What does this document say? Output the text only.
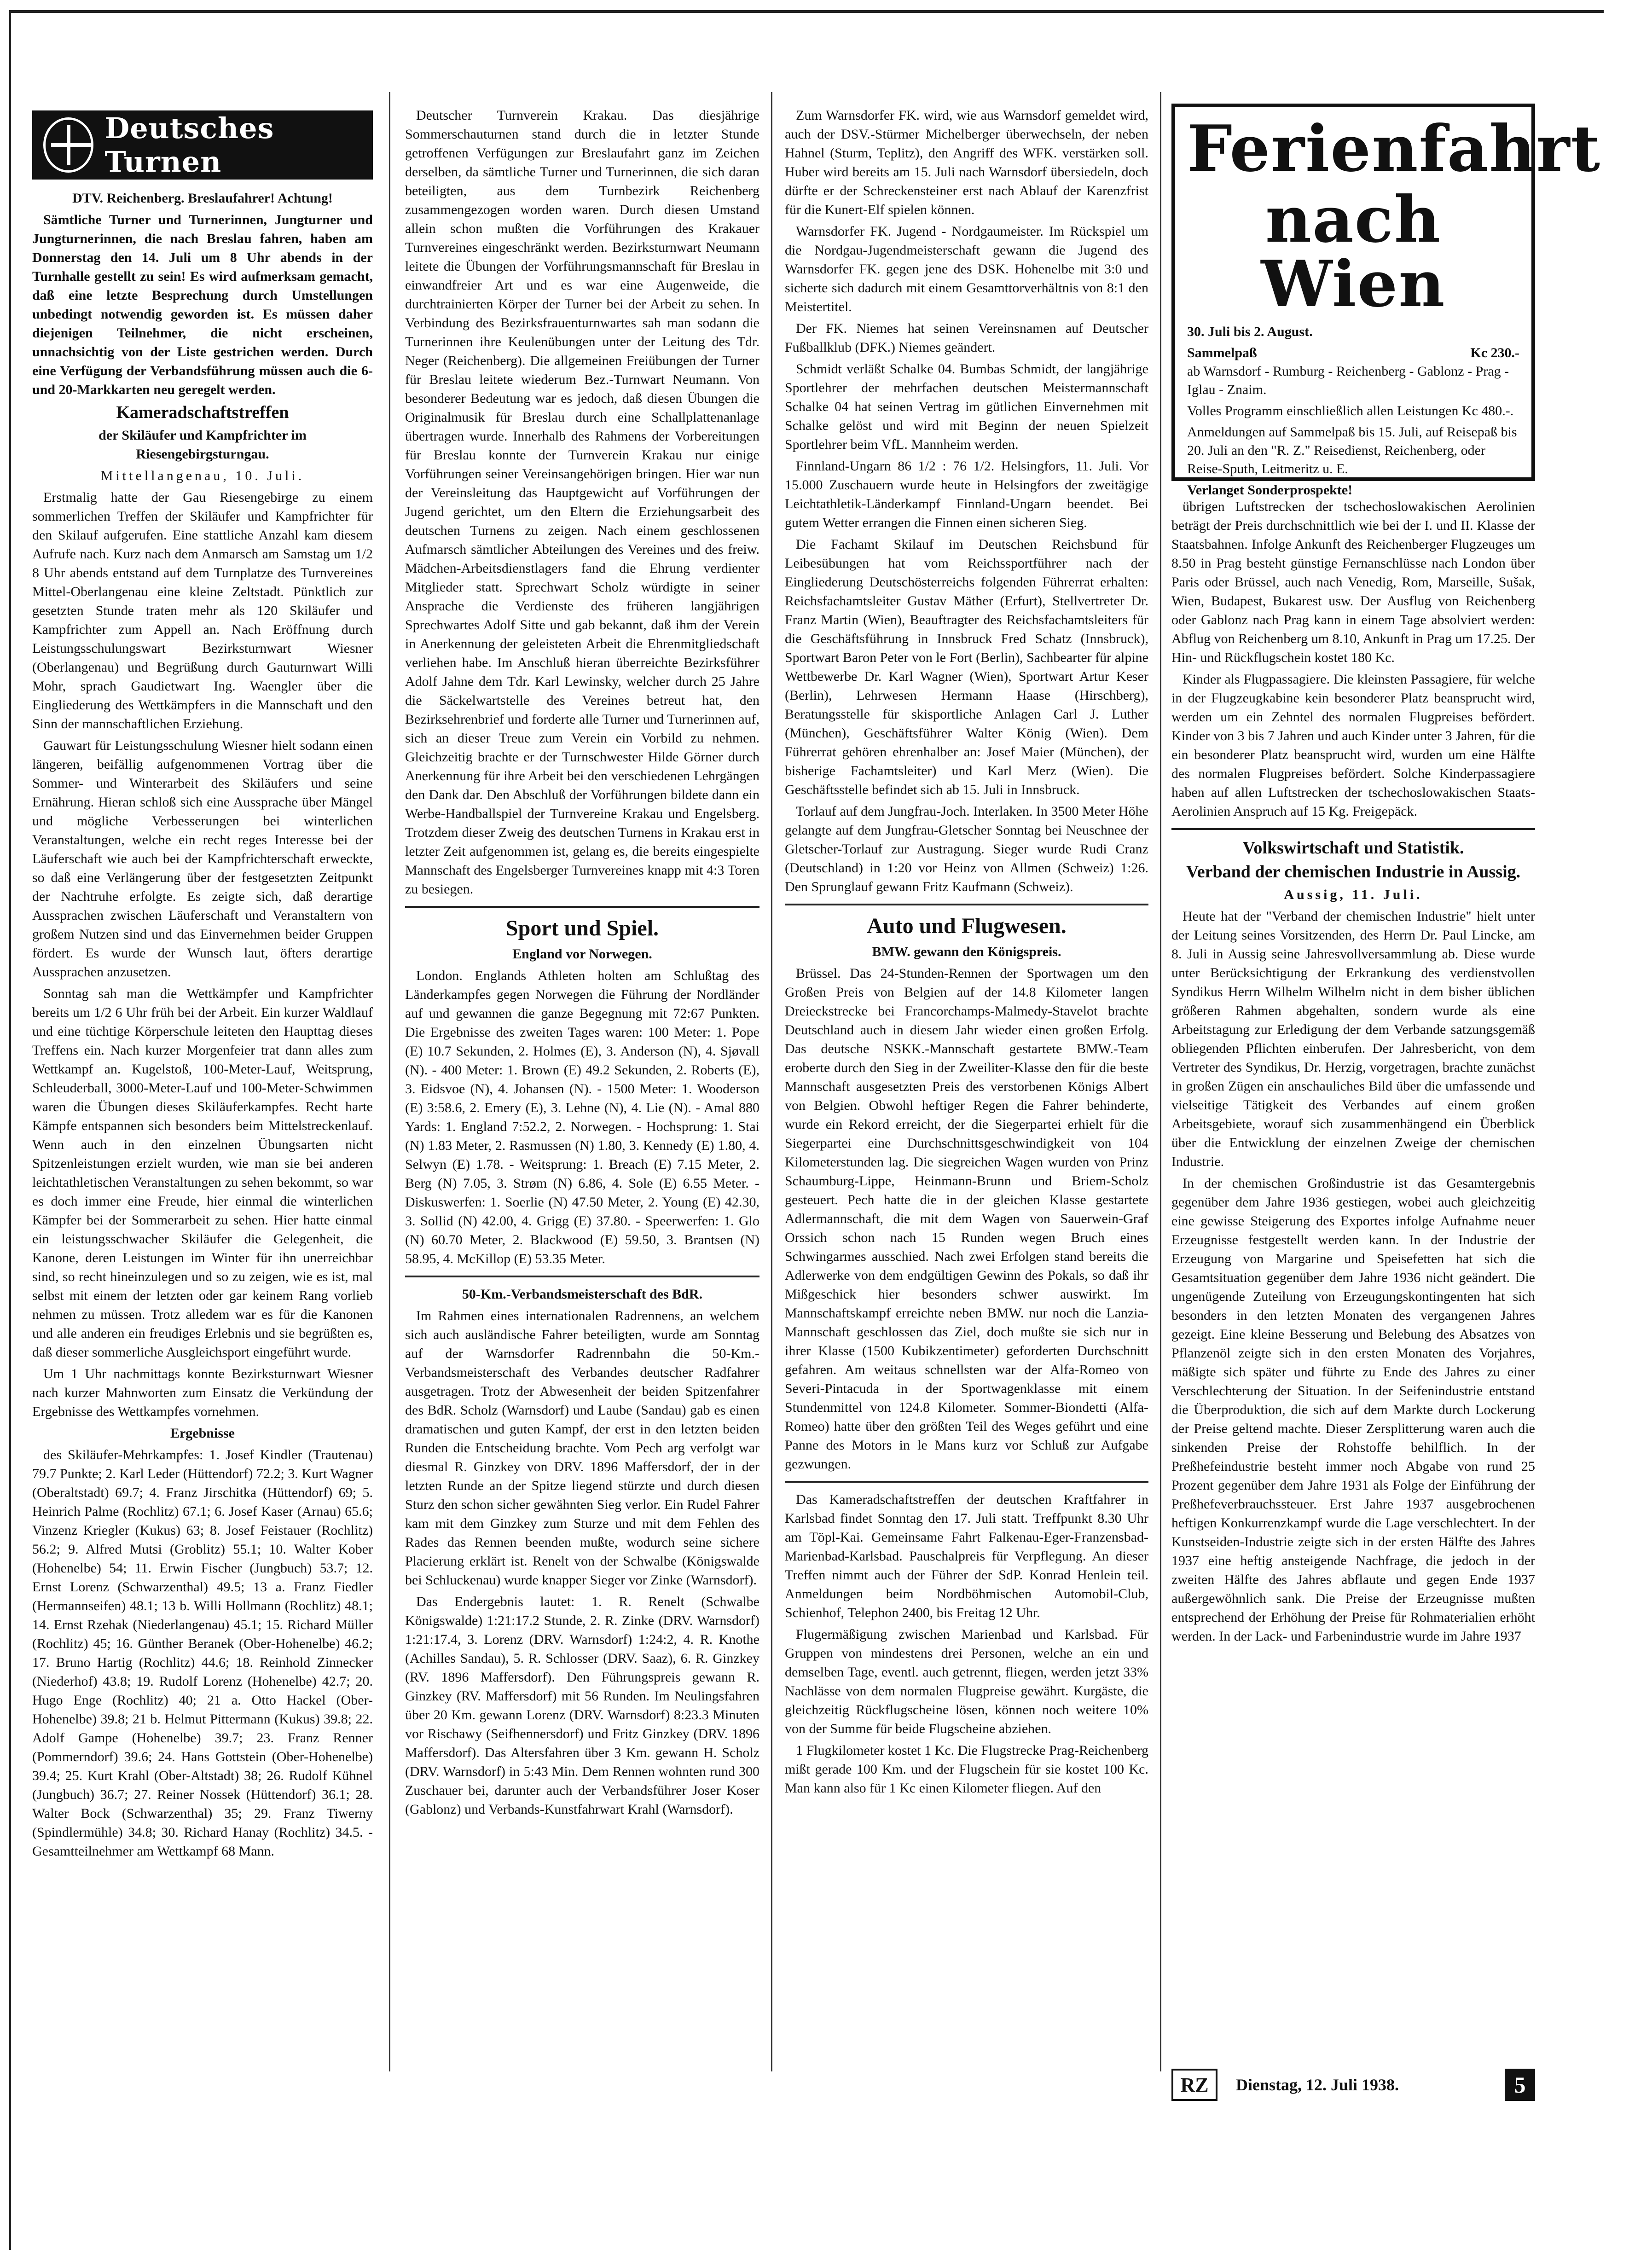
Deutsches Turnen

DTV. Reichenberg. Breslaufahrer! Achtung!

Sämtliche Turner und Turnerinnen, Jungturner und Jungturnerinnen, die nach Breslau fahren, haben am Donnerstag den 14. Juli um 8 Uhr abends in der Turnhalle gestellt zu sein! Es wird aufmerksam gemacht, daß eine letzte Besprechung durch Umstellungen unbedingt notwendig geworden ist. Es müssen daher diejenigen Teilnehmer, die nicht erscheinen, unnachsichtig von der Liste gestrichen werden. Durch eine Verfügung der Verbandsführung müssen auch die 6- und 20-Markkarten neu geregelt werden.

Kameradschaftstreffen

der Skiläufer und Kampfrichter im Riesengebirgsturngau.

Mittellangenau, 10. Juli.

Erstmalig hatte der Gau Riesengebirge zu einem sommerlichen Treffen der Skiläufer und Kampfrichter für den Skilauf aufgerufen. Eine stattliche Anzahl kam diesem Aufrufe nach. Kurz nach dem Anmarsch am Samstag um 1/2 8 Uhr abends entstand auf dem Turnplatze des Turnvereines Mittel-Oberlangenau eine kleine Zeltstadt. Pünktlich zur gesetzten Stunde traten mehr als 120 Skiläufer und Kampfrichter zum Appell an. Nach Eröffnung durch Leistungsschulungswart Bezirksturnwart Wiesner (Oberlangenau) und Begrüßung durch Gauturnwart Willi Mohr, sprach Gaudietwart Ing. Waengler über die Eingliederung des Wettkämpfers in die Mannschaft und den Sinn der mannschaftlichen Erziehung.

Gauwart für Leistungsschulung Wiesner hielt sodann einen längeren, beifällig aufgenommenen Vortrag über die Sommer- und Winterarbeit des Skiläufers und seine Ernährung. Hieran schloß sich eine Aussprache über Mängel und mögliche Verbesserungen bei winterlichen Veranstaltungen, welche ein recht reges Interesse bei der Läuferschaft wie auch bei der Kampfrichterschaft erweckte, so daß eine Verlängerung über der festgesetzten Zeitpunkt der Nachtruhe erfolgte. Es zeigte sich, daß derartige Aussprachen zwischen Läuferschaft und Veranstaltern von großem Nutzen sind und das Einvernehmen beider Gruppen fördert. Es wurde der Wunsch laut, öfters derartige Aussprachen anzusetzen.

Sonntag sah man die Wettkämpfer und Kampfrichter bereits um 1/2 6 Uhr früh bei der Arbeit. Ein kurzer Waldlauf und eine tüchtige Körperschule leiteten den Haupttag dieses Treffens ein. Nach kurzer Morgenfeier trat dann alles zum Wettkampf an. Kugelstoß, 100-Meter-Lauf, Weitsprung, Schleuderball, 3000-Meter-Lauf und 100-Meter-Schwimmen waren die Übungen dieses Skiläuferkampfes. Recht harte Kämpfe entspannen sich besonders beim Mittelstreckenlauf. Wenn auch in den einzelnen Übungsarten nicht Spitzenleistungen erzielt wurden, wie man sie bei anderen leichtathletischen Veranstaltungen zu sehen bekommt, so war es doch immer eine Freude, hier einmal die winterlichen Kämpfer bei der Sommerarbeit zu sehen. Hier hatte einmal ein leistungsschwacher Skiläufer die Gelegenheit, die Kanone, deren Leistungen im Winter für ihn unerreichbar sind, so recht hineinzulegen und so zu zeigen, wie es ist, mal selbst mit einem der letzten oder gar keinem Rang vorlieb nehmen zu müssen. Trotz alledem war es für die Kanonen und alle anderen ein freudiges Erlebnis und sie begrüßten es, daß dieser sommerliche Ausgleichsport eingeführt wurde.

Um 1 Uhr nachmittags konnte Bezirksturnwart Wiesner nach kurzer Mahnworten zum Einsatz die Verkündung der Ergebnisse des Wettkampfes vornehmen.

Ergebnisse

des Skiläufer-Mehrkampfes: 1. Josef Kindler (Trautenau) 79.7 Punkte; 2. Karl Leder (Hüttendorf) 72.2; 3. Kurt Wagner (Oberaltstadt) 69.7; 4. Franz Jirschitka (Hüttendorf) 69; 5. Heinrich Palme (Rochlitz) 67.1; 6. Josef Kaser (Arnau) 65.6; Vinzenz Kriegler (Kukus) 63; 8. Josef Feistauer (Rochlitz) 56.2; 9. Alfred Mutsi (Groblitz) 55.1; 10. Walter Kober (Hohenelbe) 54; 11. Erwin Fischer (Jungbuch) 53.7; 12. Ernst Lorenz (Schwarzenthal) 49.5; 13 a. Franz Fiedler (Hermannseifen) 48.1; 13 b. Willi Hollmann (Rochlitz) 48.1; 14. Ernst Rzehak (Niederlangenau) 45.1; 15. Richard Müller (Rochlitz) 45; 16. Günther Beranek (Ober-Hohenelbe) 46.2; 17. Bruno Hartig (Rochlitz) 44.6; 18. Reinhold Zinnecker (Niederhof) 43.8; 19. Rudolf Lorenz (Hohenelbe) 42.7; 20. Hugo Enge (Rochlitz) 40; 21 a. Otto Hackel (Ober-Hohenelbe) 39.8; 21 b. Helmut Pittermann (Kukus) 39.8; 22. Adolf Gampe (Hohenelbe) 39.7; 23. Franz Renner (Pommerndorf) 39.6; 24. Hans Gottstein (Ober-Hohenelbe) 39.4; 25. Kurt Krahl (Ober-Altstadt) 38; 26. Rudolf Kühnel (Jungbuch) 36.7; 27. Reiner Nossek (Hüttendorf) 36.1; 28. Walter Bock (Schwarzenthal) 35; 29. Franz Tiwerny (Spindlermühle) 34.8; 30. Richard Hanay (Rochlitz) 34.5. - Gesamtteilnehmer am Wettkampf 68 Mann.

Deutscher Turnverein Krakau. Das diesjährige Sommerschauturnen stand durch die in letzter Stunde getroffenen Verfügungen zur Breslaufahrt ganz im Zeichen derselben, da sämtliche Turner und Turnerinnen, die sich daran beteiligten, aus dem Turnbezirk Reichenberg zusammengezogen worden waren. Durch diesen Umstand allein schon mußten die Vorführungen des Krakauer Turnvereines eingeschränkt werden. Bezirksturnwart Neumann leitete die Übungen der Vorführungsmannschaft für Breslau in einwandfreier Art und es war eine Augenweide, die durchtrainierten Körper der Turner bei der Arbeit zu sehen. In Verbindung des Bezirksfrauenturnwartes sah man sodann die Turnerinnen ihre Keulenübungen unter der Leitung des Tdr. Neger (Reichenberg). Die allgemeinen Freiübungen der Turner für Breslau leitete wiederum Bez.-Turnwart Neumann. Von besonderer Bedeutung war es jedoch, daß diesen Übungen die Originalmusik für Breslau durch eine Schallplattenanlage übertragen wurde. Innerhalb des Rahmens der Vorbereitungen für Breslau konnte der Turnverein Krakau nur einige Vorführungen seiner Vereinsangehörigen bringen. Hier war nun der Vereinsleitung das Hauptgewicht auf Vorführungen der Jugend gerichtet, um den Eltern die Erziehungsarbeit des deutschen Turnens zu zeigen. Nach einem geschlossenen Aufmarsch sämtlicher Abteilungen des Vereines und des freiw. Mädchen-Arbeitsdienstlagers fand die Ehrung verdienter Mitglieder statt. Sprechwart Scholz würdigte in seiner Ansprache die Verdienste des früheren langjährigen Sprechwartes Adolf Sitte und gab bekannt, daß ihm der Verein in Anerkennung der geleisteten Arbeit die Ehrenmitgliedschaft verliehen habe. Im Anschluß hieran überreichte Bezirksführer Adolf Jahne dem Tdr. Karl Lewinsky, welcher durch 25 Jahre die Säckelwartstelle des Vereines betreut hat, den Bezirksehrenbrief und forderte alle Turner und Turnerinnen auf, sich an dieser Treue zum Verein ein Vorbild zu nehmen. Gleichzeitig brachte er der Turnschwester Hilde Görner durch Anerkennung für ihre Arbeit bei den verschiedenen Lehrgängen den Dank dar. Den Abschluß der Vorführungen bildete dann ein Werbe-Handballspiel der Turnvereine Krakau und Engelsberg. Trotzdem dieser Zweig des deutschen Turnens in Krakau erst in letzter Zeit aufgenommen ist, gelang es, die bereits eingespielte Mannschaft des Engelsberger Turnvereines knapp mit 4:3 Toren zu besiegen.

Sport und Spiel.

England vor Norwegen.

London. Englands Athleten holten am Schlußtag des Länderkampfes gegen Norwegen die Führung der Nordländer auf und gewannen die ganze Begegnung mit 72:67 Punkten. Die Ergebnisse des zweiten Tages waren: 100 Meter: 1. Pope (E) 10.7 Sekunden, 2. Holmes (E), 3. Anderson (N), 4. Sjøvall (N). - 400 Meter: 1. Brown (E) 49.2 Sekunden, 2. Roberts (E), 3. Eidsvoe (N), 4. Johansen (N). - 1500 Meter: 1. Wooderson (E) 3:58.6, 2. Emery (E), 3. Lehne (N), 4. Lie (N). - Amal 880 Yards: 1. England 7:52.2, 2. Norwegen. - Hochsprung: 1. Stai (N) 1.83 Meter, 2. Rasmussen (N) 1.80, 3. Kennedy (E) 1.80, 4. Selwyn (E) 1.78. - Weitsprung: 1. Breach (E) 7.15 Meter, 2. Berg (N) 7.05, 3. Strøm (N) 6.86, 4. Sole (E) 6.55 Meter. - Diskuswerfen: 1. Soerlie (N) 47.50 Meter, 2. Young (E) 42.30, 3. Sollid (N) 42.00, 4. Grigg (E) 37.80. - Speerwerfen: 1. Glo (N) 60.70 Meter, 2. Blackwood (E) 59.50, 3. Brantsen (N) 58.95, 4. McKillop (E) 53.35 Meter.

50-Km.-Verbandsmeisterschaft des BdR.

Im Rahmen eines internationalen Radrennens, an welchem sich auch ausländische Fahrer beteiligten, wurde am Sonntag auf der Warnsdorfer Radrennbahn die 50-Km.-Verbandsmeisterschaft des Verbandes deutscher Radfahrer ausgetragen. Trotz der Abwesenheit der beiden Spitzenfahrer des BdR. Scholz (Warnsdorf) und Laube (Sandau) gab es einen dramatischen und guten Kampf, der erst in den letzten beiden Runden die Entscheidung brachte. Vom Pech arg verfolgt war diesmal R. Ginzkey von DRV. 1896 Maffersdorf, der in der letzten Runde an der Spitze liegend stürzte und durch diesen Sturz den schon sicher gewähnten Sieg verlor. Ein Rudel Fahrer kam mit dem Ginzkey zum Sturze und mit dem Fehlen des Rades das Rennen beenden mußte, wodurch seine sichere Placierung erklärt ist. Renelt von der Schwalbe (Königswalde bei Schluckenau) wurde knapper Sieger vor Zinke (Warnsdorf).

Das Endergebnis lautet: 1. R. Renelt (Schwalbe Königswalde) 1:21:17.2 Stunde, 2. R. Zinke (DRV. Warnsdorf) 1:21:17.4, 3. Lorenz (DRV. Warnsdorf) 1:24:2, 4. R. Knothe (Achilles Sandau), 5. R. Schlosser (DRV. Saaz), 6. R. Ginzkey (RV. 1896 Maffersdorf). Den Führungspreis gewann R. Ginzkey (RV. Maffersdorf) mit 56 Runden. Im Neulingsfahren über 20 Km. gewann Lorenz (DRV. Warnsdorf) 8:23.3 Minuten vor Rischawy (Seifhennersdorf) und Fritz Ginzkey (DRV. 1896 Maffersdorf). Das Altersfahren über 3 Km. gewann H. Scholz (DRV. Warnsdorf) in 5:43 Min. Dem Rennen wohnten rund 300 Zuschauer bei, darunter auch der Verbandsführer Joser Koser (Gablonz) und Verbands-Kunstfahrwart Krahl (Warnsdorf).

Zum Warnsdorfer FK. wird, wie aus Warnsdorf gemeldet wird, auch der DSV.-Stürmer Michelberger überwechseln, der neben Hahnel (Sturm, Teplitz), den Angriff des WFK. verstärken soll. Huber wird bereits am 15. Juli nach Warnsdorf übersiedeln, doch dürfte er der Schreckensteiner erst nach Ablauf der Karenzfrist für die Kunert-Elf spielen können.

Warnsdorfer FK. Jugend - Nordgaumeister. Im Rückspiel um die Nordgau-Jugendmeisterschaft gewann die Jugend des Warnsdorfer FK. gegen jene des DSK. Hohenelbe mit 3:0 und sicherte sich dadurch mit einem Gesamttorverhältnis von 8:1 den Meistertitel.

Der FK. Niemes hat seinen Vereinsnamen auf Deutscher Fußballklub (DFK.) Niemes geändert.

Schmidt verläßt Schalke 04. Bumbas Schmidt, der langjährige Sportlehrer der mehrfachen deutschen Meistermannschaft Schalke 04 hat seinen Vertrag im gütlichen Einvernehmen mit Schalke gelöst und wird mit Beginn der neuen Spielzeit Sportlehrer beim VfL. Mannheim werden.

Finnland-Ungarn 86 1/2 : 76 1/2. Helsingfors, 11. Juli. Vor 15.000 Zuschauern wurde heute in Helsingfors der zweitägige Leichtathletik-Länderkampf Finnland-Ungarn beendet. Bei gutem Wetter errangen die Finnen einen sicheren Sieg.

Die Fachamt Skilauf im Deutschen Reichsbund für Leibesübungen hat vom Reichssportführer nach der Eingliederung Deutschösterreichs folgenden Führerrat erhalten: Reichsfachamtsleiter Gustav Mäther (Erfurt), Stellvertreter Dr. Franz Martin (Wien), Beauftragter des Reichsfachamtsleiters für die Geschäftsführung in Innsbruck Fred Schatz (Innsbruck), Sportwart Baron Peter von le Fort (Berlin), Sachbearter für alpine Wettbewerbe Dr. Karl Wagner (Wien), Sportwart Artur Keser (Berlin), Lehrwesen Hermann Haase (Hirschberg), Beratungsstelle für skisportliche Anlagen Carl J. Luther (München), Geschäftsführer Walter König (Wien). Dem Führerrat gehören ehrenhalber an: Josef Maier (München), der bisherige Fachamtsleiter) und Karl Merz (Wien). Die Geschäftsstelle befindet sich ab 15. Juli in Innsbruck.

Torlauf auf dem Jungfrau-Joch. Interlaken. In 3500 Meter Höhe gelangte auf dem Jungfrau-Gletscher Sonntag bei Neuschnee der Gletscher-Torlauf zur Austragung. Sieger wurde Rudi Cranz (Deutschland) in 1:20 vor Heinz von Allmen (Schweiz) 1:26. Den Sprunglauf gewann Fritz Kaufmann (Schweiz).

Auto und Flugwesen.

BMW. gewann den Königspreis.

Brüssel. Das 24-Stunden-Rennen der Sportwagen um den Großen Preis von Belgien auf der 14.8 Kilometer langen Dreieckstrecke bei Francorchamps-Malmedy-Stavelot brachte Deutschland auch in diesem Jahr wieder einen großen Erfolg. Das deutsche NSKK.-Mannschaft gestartete BMW.-Team eroberte durch den Sieg in der Zweiliter-Klasse den für die beste Mannschaft ausgesetzten Preis des verstorbenen Königs Albert von Belgien. Obwohl heftiger Regen die Fahrer behinderte, wurde ein Rekord erreicht, der die Siegerpartei erhielt für die Siegerpartei eine Durchschnittsgeschwindigkeit von 104 Kilometerstunden lag. Die siegreichen Wagen wurden von Prinz Schaumburg-Lippe, Heinmann-Brunn und Briem-Scholz gesteuert. Pech hatte die in der gleichen Klasse gestartete Adlermannschaft, die mit dem Wagen von Sauerwein-Graf Orssich schon nach 15 Runden wegen Bruch eines Schwingarmes ausschied. Nach zwei Erfolgen stand bereits die Adlerwerke von dem endgültigen Gewinn des Pokals, so daß ihr Mißgeschick hier besonders schwer auswirkt. Im Mannschaftskampf erreichte neben BMW. nur noch die Lanzia-Mannschaft geschlossen das Ziel, doch mußte sie sich nur in ihrer Klasse (1500 Kubikzentimeter) geforderten Durchschnitt gefahren. Am weitaus schnellsten war der Alfa-Romeo von Severi-Pintacuda in der Sportwagenklasse mit einem Stundenmittel von 124.8 Kilometer. Sommer-Biondetti (Alfa-Romeo) hatte über den größten Teil des Weges geführt und eine Panne des Motors in le Mans kurz vor Schluß zur Aufgabe gezwungen.

Das Kameradschaftstreffen der deutschen Kraftfahrer in Karlsbad findet Sonntag den 17. Juli statt. Treffpunkt 8.30 Uhr am Töpl-Kai. Gemeinsame Fahrt Falkenau-Eger-Franzensbad-Marienbad-Karlsbad. Pauschalpreis für Verpflegung. An dieser Treffen nimmt auch der Führer der SdP. Konrad Henlein teil. Anmeldungen beim Nordböhmischen Automobil-Club, Schienhof, Telephon 2400, bis Freitag 12 Uhr.

Flugermäßigung zwischen Marienbad und Karlsbad. Für Gruppen von mindestens drei Personen, welche an ein und demselben Tage, eventl. auch getrennt, fliegen, werden jetzt 33% Nachlässe von dem normalen Flugpreise gewährt. Kurgäste, die gleichzeitig Rückflugscheine lösen, können noch weitere 10% von der Summe für beide Flugscheine abziehen.

1 Flugkilometer kostet 1 Kc. Die Flugstrecke Prag-Reichenberg mißt gerade 100 Km. und der Flugschein für sie kostet 100 Kc. Man kann also für 1 Kc einen Kilometer fliegen. Auf den

Ferienfahrt
nach Wien

30. Juli bis 2. August.

Sammelpaß	Kc 230.-

ab Warnsdorf - Rumburg - Reichenberg - Gablonz - Prag - Iglau - Znaim.

Volles Programm einschließlich allen Leistungen Kc 480.-.

Anmeldungen auf Sammelpaß bis 15. Juli, auf Reisepaß bis 20. Juli an den "R. Z." Reisedienst, Reichenberg, oder Reise-Sputh, Leitmeritz u. E.

Verlanget Sonderprospekte!

übrigen Luftstrecken der tschechoslowakischen Aerolinien beträgt der Preis durchschnittlich wie bei der I. und II. Klasse der Staatsbahnen. Infolge Ankunft des Reichenberger Flugzeuges um 8.50 in Prag besteht günstige Fernanschlüsse nach London über Paris oder Brüssel, auch nach Venedig, Rom, Marseille, Sušak, Wien, Budapest, Bukarest usw. Der Ausflug von Reichenberg oder Gablonz nach Prag kann in einem Tage absolviert werden: Abflug von Reichenberg um 8.10, Ankunft in Prag um 17.25. Der Hin- und Rückflugschein kostet 180 Kc.

Kinder als Flugpassagiere. Die kleinsten Passagiere, für welche in der Flugzeugkabine kein besonderer Platz beansprucht wird, werden um ein Zehntel des normalen Flugpreises befördert. Kinder von 3 bis 7 Jahren und auch Kinder unter 3 Jahren, für die ein besonderer Platz beansprucht wird, wurden um eine Hälfte des normalen Flugpreises befördert. Solche Kinderpassagiere haben auf allen Luftstrecken der tschechoslowakischen Staats-Aerolinien Anspruch auf 15 Kg. Freigepäck.

Volkswirtschaft und Statistik.

Verband der chemischen Industrie in Aussig.

Aussig, 11. Juli.

Heute hat der "Verband der chemischen Industrie" hielt unter der Leitung seines Vorsitzenden, des Herrn Dr. Paul Lincke, am 8. Juli in Aussig seine Jahresvollversammlung ab. Diese wurde unter Berücksichtigung der Erkrankung des verdienstvollen Syndikus Herrn Wilhelm Wilhelm nicht in dem bisher üblichen größeren Rahmen abgehalten, sondern wurde als eine Arbeitstagung zur Erledigung der dem Verbande satzungsgemäß obliegenden Pflichten einberufen. Der Jahresbericht, von dem Vertreter des Syndikus, Dr. Herzig, vorgetragen, brachte zunächst in großen Zügen ein anschauliches Bild über die umfassende und vielseitige Tätigkeit des Verbandes auf einem großen Arbeitsgebiete, worauf sich zusammenhängend ein Überblick über die Entwicklung der einzelnen Zweige der chemischen Industrie.

In der chemischen Großindustrie ist das Gesamtergebnis gegenüber dem Jahre 1936 gestiegen, wobei auch gleichzeitig eine gewisse Steigerung des Exportes infolge Aufnahme neuer Erzeugnisse festgestellt werden kann. In der Industrie der Erzeugung von Margarine und Speisefetten hat sich die Gesamtsituation gegenüber dem Jahre 1936 nicht geändert. Die ungenügende Zuteilung von Erzeugungskontingenten hat sich besonders in den letzten Monaten des vergangenen Jahres gezeigt. Eine kleine Besserung und Belebung des Absatzes von Pflanzenöl zeigte sich in den ersten Monaten des Vorjahres, mäßigte sich später und führte zu Ende des Jahres zu einer Verschlechterung der Situation. In der Seifenindustrie entstand die Überproduktion, die sich auf dem Markte durch Lockerung der Preise geltend machte. Dieser Zersplitterung waren auch die sinkenden Preise der Rohstoffe behilflich. In der Preßhefeindustrie besteht immer noch Abgabe von rund 25 Prozent gegenüber dem Jahre 1931 als Folge der Einführung der Preßhefeverbrauchssteuer. Erst Jahre 1937 ausgebrochenen heftigen Konkurrenzkampf wurde die Lage verschlechtert. In der Kunstseiden-Industrie zeigte sich in der ersten Hälfte des Jahres 1937 eine heftig ansteigende Nachfrage, die jedoch in der zweiten Hälfte des Jahres abflaute und gegen Ende 1937 außergewöhnlich sank. Die Preise der Erzeugnisse mußten entsprechend der Erhöhung der Preise für Rohmaterialien erhöht werden. In der Lack- und Farbenindustrie wurde im Jahre 1937

RZ	Dienstag, 12. Juli 1938.	5
